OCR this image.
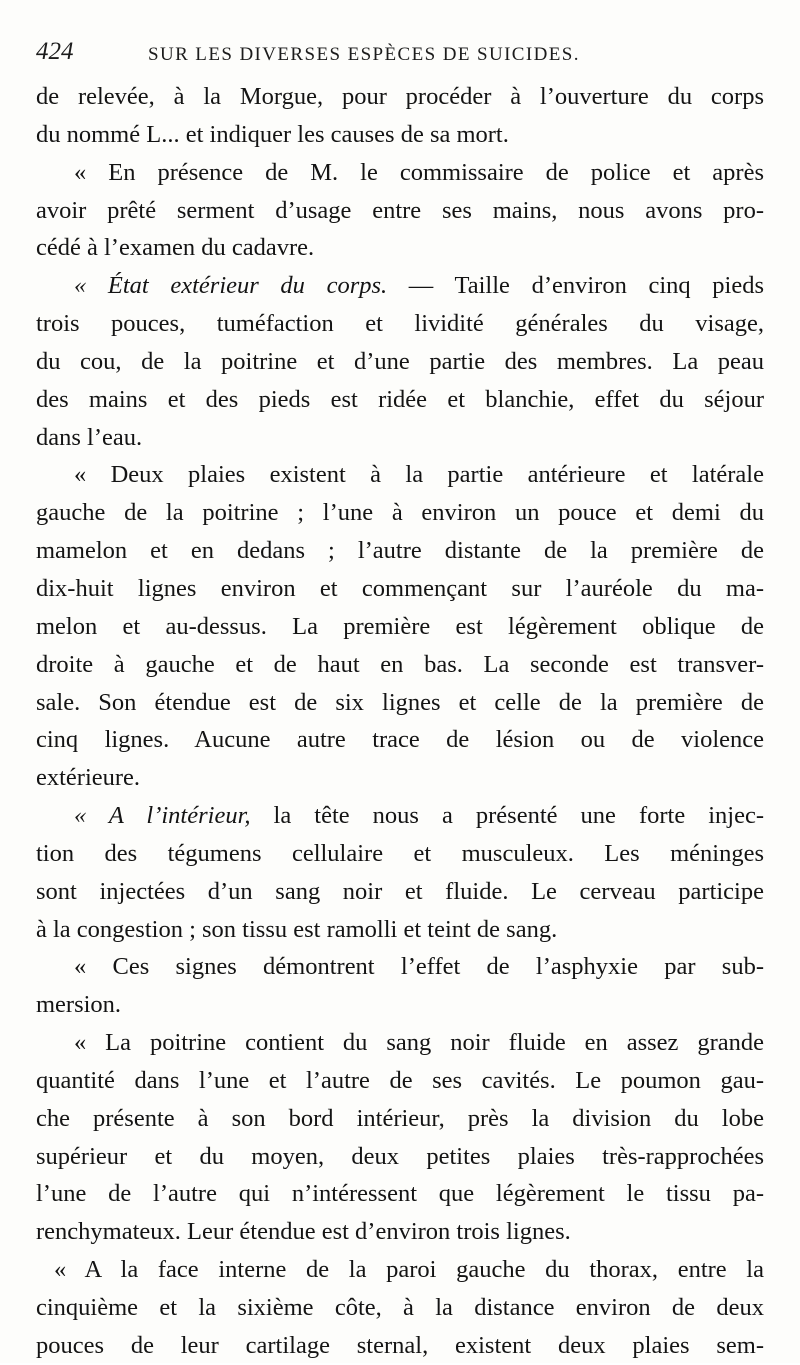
424	SUR LES DIVERSES ESPÈCES DE SUICIDES.
de relevée, à la Morgue, pour procéder à l’ouverture du corps
du nommé L... et indiquer les causes de sa mort.
« En présence de M. le commissaire de police et après
avoir prêté serment d’usage entre ses mains, nous avons pro-
cédé à l’examen du cadavre.
« État extérieur du corps. — Taille d’environ cinq pieds
trois pouces, tuméfaction et lividité générales du visage,
du cou, de la poitrine et d’une partie des membres. La peau
des mains et des pieds est ridée et blanchie, effet du séjour
dans l’eau.
« Deux plaies existent à la partie antérieure et latérale
gauche de la poitrine ; l’une à environ un pouce et demi du
mamelon et en dedans ; l’autre distante de la première de
dix-huit lignes environ et commençant sur l’auréole du ma-
melon et au-dessus. La première est légèrement oblique de
droite à gauche et de haut en bas. La seconde est transver-
sale. Son étendue est de six lignes et celle de la première de
cinq lignes. Aucune autre trace de lésion ou de violence
extérieure.
« A l’intérieur, la tête nous a présenté une forte injec-
tion des tégumens cellulaire et musculeux. Les méninges
sont injectées d’un sang noir et fluide. Le cerveau participe
à la congestion ; son tissu est ramolli et teint de sang.
« Ces signes démontrent l’effet de l’asphyxie par sub-
mersion.
« La poitrine contient du sang noir fluide en assez grande
quantité dans l’une et l’autre de ses cavités. Le poumon gau-
che présente à son bord intérieur, près la division du lobe
supérieur et du moyen, deux petites plaies très-rapprochées
l’une de l’autre qui n’intéressent que légèrement le tissu pa-
renchymateux. Leur étendue est d’environ trois lignes.
« A la face interne de la paroi gauche du thorax, entre la
cinquième et la sixième côte, à la distance environ de deux
pouces de leur cartilage sternal, existent deux plaies sem-
